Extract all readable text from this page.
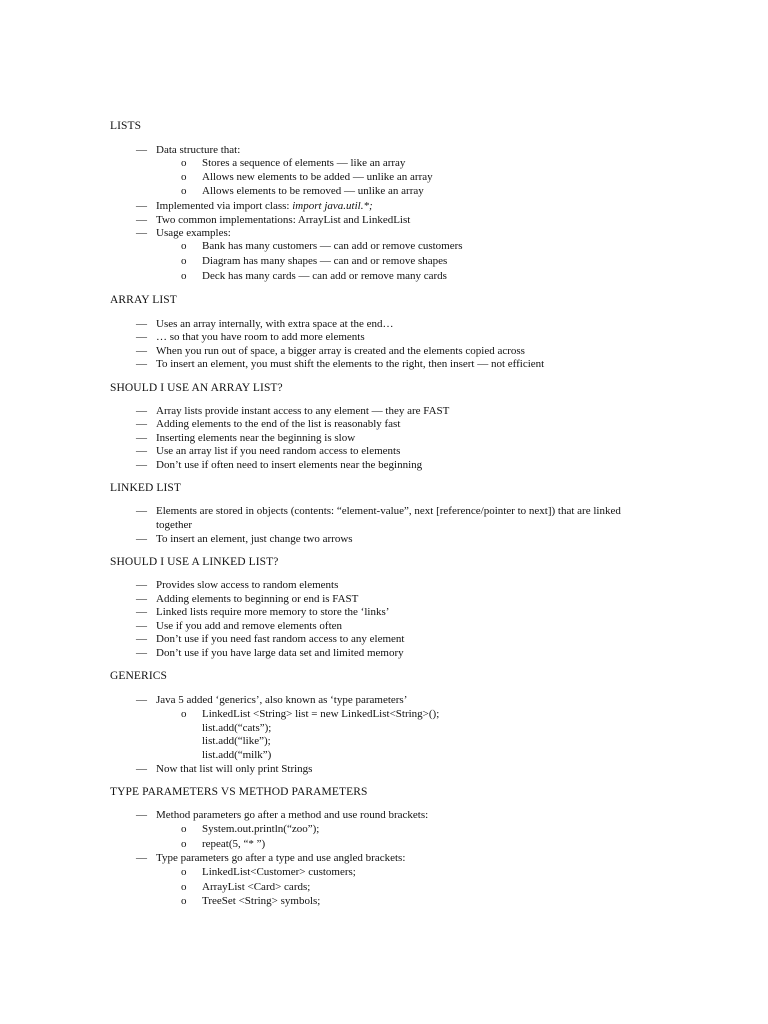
LISTS
— Data structure that:
o Stores a sequence of elements — like an array
o Allows new elements to be added — unlike an array
o Allows elements to be removed — unlike an array
— Implemented via import class: import java.util.*;
— Two common implementations: ArrayList and LinkedList
— Usage examples:
o Bank has many customers — can add or remove customers
o Diagram has many shapes — can and or remove shapes
o Deck has many cards — can add or remove many cards
ARRAY LIST
— Uses an array internally, with extra space at the end…
— … so that you have room to add more elements
— When you run out of space, a bigger array is created and the elements copied across
— To insert an element, you must shift the elements to the right, then insert — not efficient
SHOULD I USE AN ARRAY LIST?
— Array lists provide instant access to any element — they are FAST
— Adding elements to the end of the list is reasonably fast
— Inserting elements near the beginning is slow
— Use an array list if you need random access to elements
— Don’t use if often need to insert elements near the beginning
LINKED LIST
— Elements are stored in objects (contents: “element-value”, next [reference/pointer to next]) that are linked together
— To insert an element, just change two arrows
SHOULD I USE A LINKED LIST?
— Provides slow access to random elements
— Adding elements to beginning or end is FAST
— Linked lists require more memory to store the ‘links’
— Use if you add and remove elements often
— Don’t use if you need fast random access to any element
— Don’t use if you have large data set and limited memory
GENERICS
— Java 5 added ‘generics’, also known as ‘type parameters’
o LinkedList <String> list = new LinkedList<String>();
list.add(“cats”);
list.add(“like”);
list.add(“milk”)
— Now that list will only print Strings
TYPE PARAMETERS VS METHOD PARAMETERS
— Method parameters go after a method and use round brackets:
o System.out.println(“zoo”);
o repeat(5, “* ”)
— Type parameters go after a type and use angled brackets:
o LinkedList<Customer> customers;
o ArrayList <Card> cards;
o TreeSet <String> symbols;
